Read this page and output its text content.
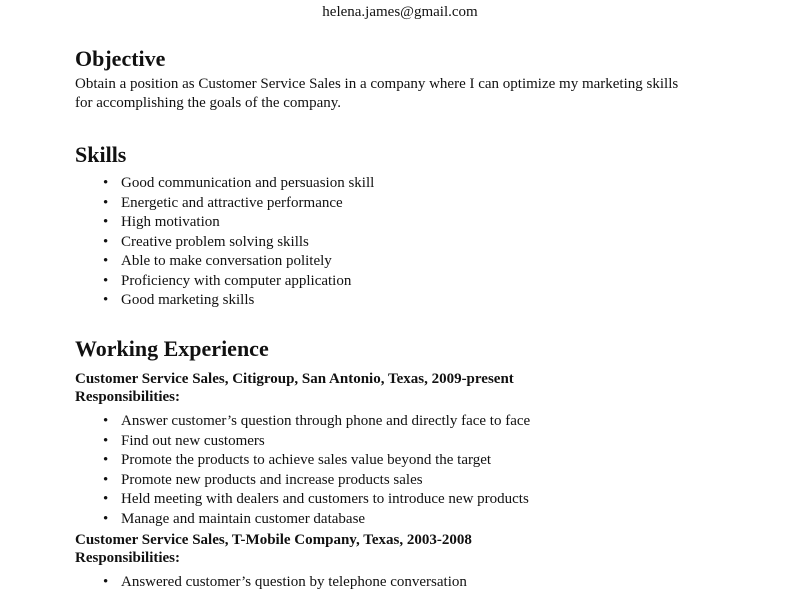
helena.james@gmail.com
Objective

Obtain a position as Customer Service Sales in a company where I can optimize my marketing skills
for accomplishing the goals of the company.

Skills
• Good communication and persuasion skill
• Energetic and attractive performance
• High motivation
• Creative problem solving skills
• Able to make conversation politely
• Proficiency with computer application
• Good marketing skills
Working Experience

Customer Service Sales, Citigroup, San Antonio, Texas, 2009-present

Responsibilities:

• Answer customer’s question through phone and directly face to face
• Find out new customers
• Promote the products to achieve sales value beyond the target
• Promote new products and increase products sales
• Held meeting with dealers and customers to introduce new products
• Manage and maintain customer database

Customer Service Sales, T-Mobile Company, Texas, 2003-2008

Responsibilities:

• Answered customer’s question by telephone conversation
